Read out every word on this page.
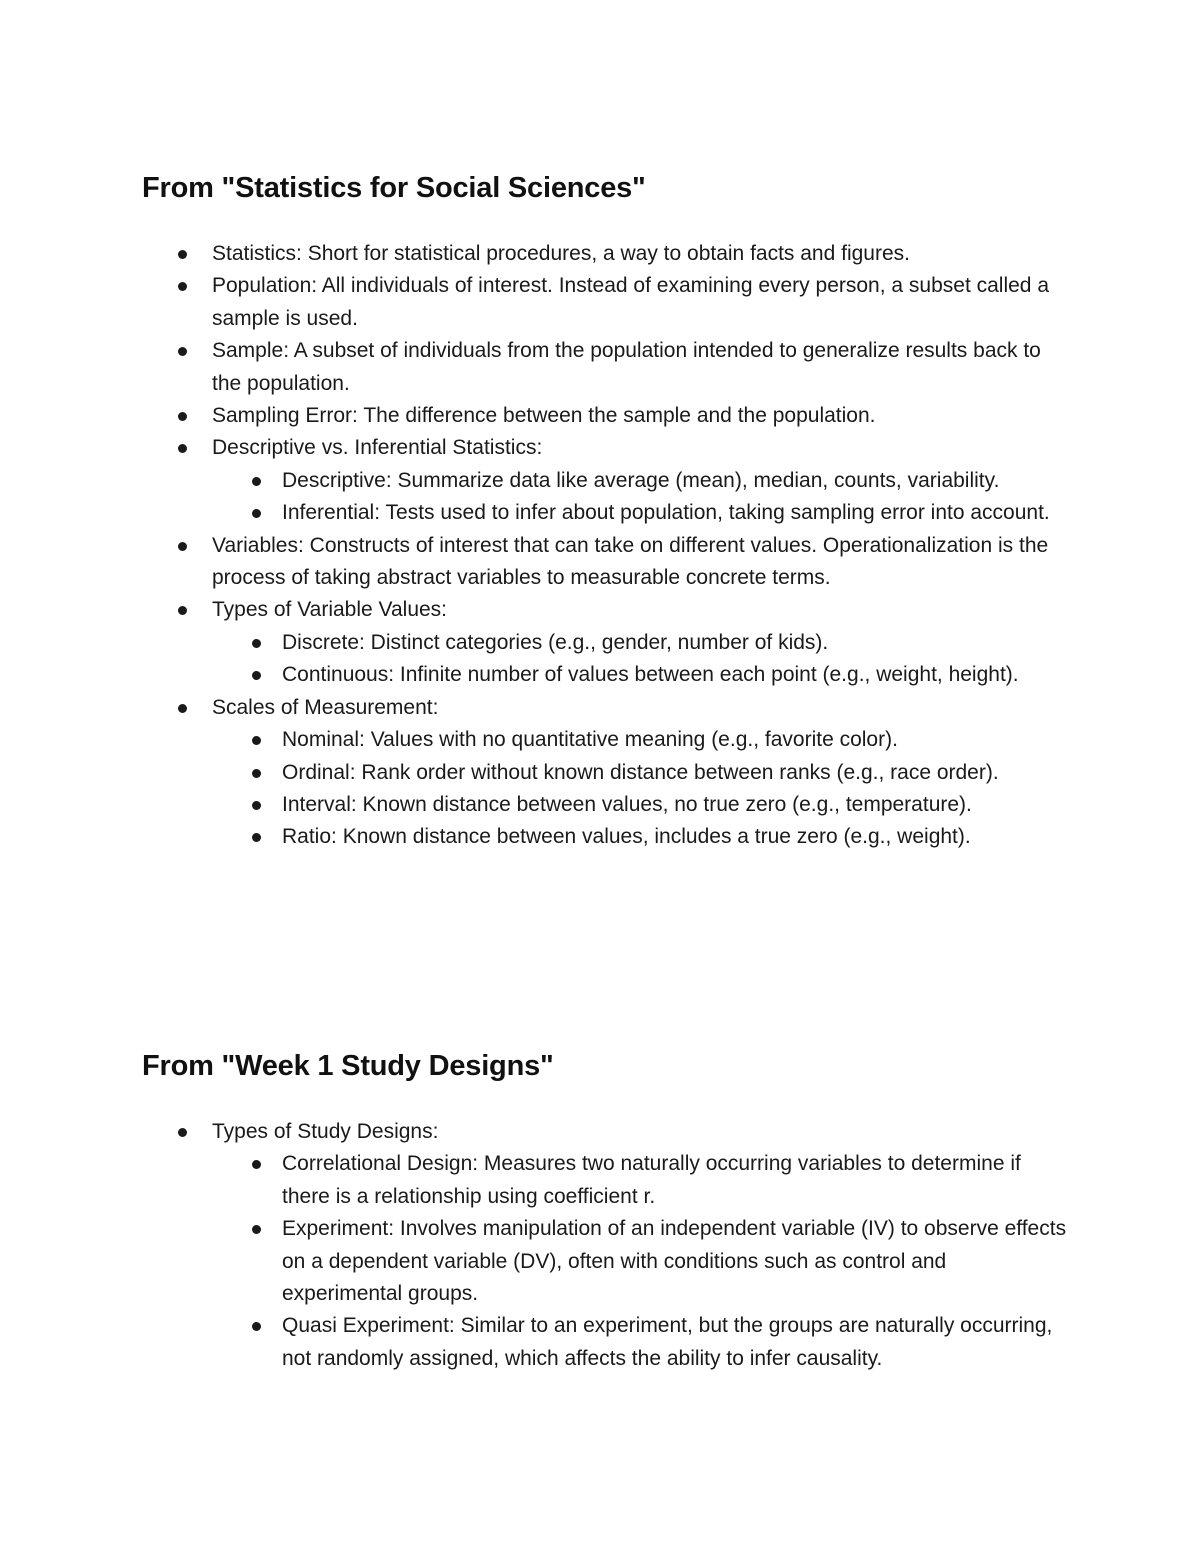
From "Statistics for Social Sciences"
Statistics: Short for statistical procedures, a way to obtain facts and figures.
Population: All individuals of interest. Instead of examining every person, a subset called a sample is used.
Sample: A subset of individuals from the population intended to generalize results back to the population.
Sampling Error: The difference between the sample and the population.
Descriptive vs. Inferential Statistics:
Descriptive: Summarize data like average (mean), median, counts, variability.
Inferential: Tests used to infer about population, taking sampling error into account.
Variables: Constructs of interest that can take on different values. Operationalization is the process of taking abstract variables to measurable concrete terms.
Types of Variable Values:
Discrete: Distinct categories (e.g., gender, number of kids).
Continuous: Infinite number of values between each point (e.g., weight, height).
Scales of Measurement:
Nominal: Values with no quantitative meaning (e.g., favorite color).
Ordinal: Rank order without known distance between ranks (e.g., race order).
Interval: Known distance between values, no true zero (e.g., temperature).
Ratio: Known distance between values, includes a true zero (e.g., weight).
From "Week 1 Study Designs"
Types of Study Designs:
Correlational Design: Measures two naturally occurring variables to determine if there is a relationship using coefficient r.
Experiment: Involves manipulation of an independent variable (IV) to observe effects on a dependent variable (DV), often with conditions such as control and experimental groups.
Quasi Experiment: Similar to an experiment, but the groups are naturally occurring, not randomly assigned, which affects the ability to infer causality.
